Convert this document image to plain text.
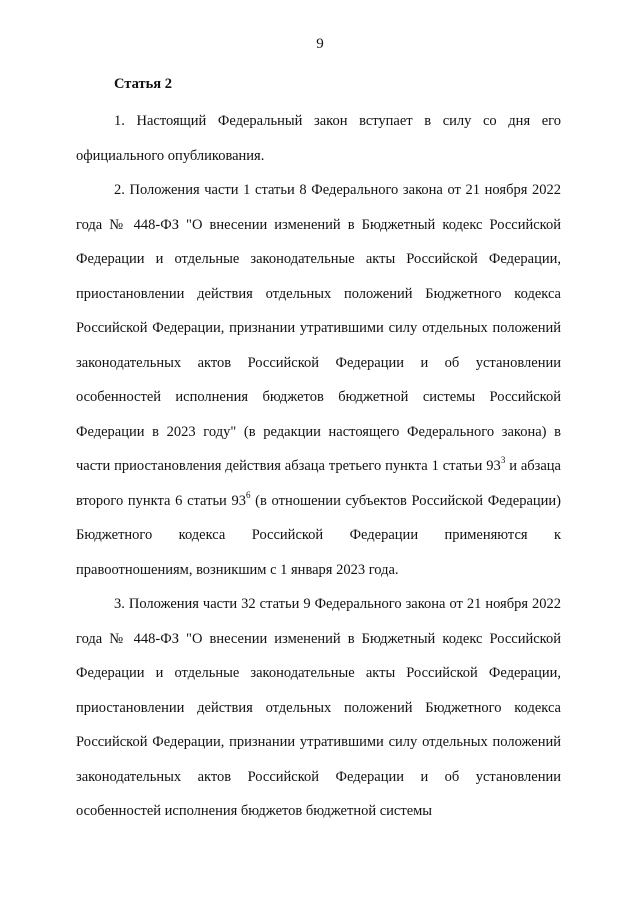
9
Статья 2

1. Настоящий Федеральный закон вступает в силу со дня его официального опубликования.

2. Положения части 1 статьи 8 Федерального закона от 21 ноября 2022 года № 448-ФЗ "О внесении изменений в Бюджетный кодекс Российской Федерации и отдельные законодательные акты Российской Федерации, приостановлении действия отдельных положений Бюджетного кодекса Российской Федерации, признании утратившими силу отдельных положений законодательных актов Российской Федерации и об установлении особенностей исполнения бюджетов бюджетной системы Российской Федерации в 2023 году" (в редакции настоящего Федерального закона) в части приостановления действия абзаца третьего пункта 1 статьи $93^3$ и абзаца второго пункта 6 статьи $93^6$ (в отношении субъектов Российской Федерации) Бюджетного кодекса Российской Федерации применяются к правоотношениям, возникшим с 1 января 2023 года.

3. Положения части 32 статьи 9 Федерального закона от 21 ноября 2022 года № 448-ФЗ "О внесении изменений в Бюджетный кодекс Российской Федерации и отдельные законодательные акты Российской Федерации, приостановлении действия отдельных положений Бюджетного кодекса Российской Федерации, признании утратившими силу отдельных положений законодательных актов Российской Федерации и об установлении особенностей исполнения бюджетов бюджетной системы
